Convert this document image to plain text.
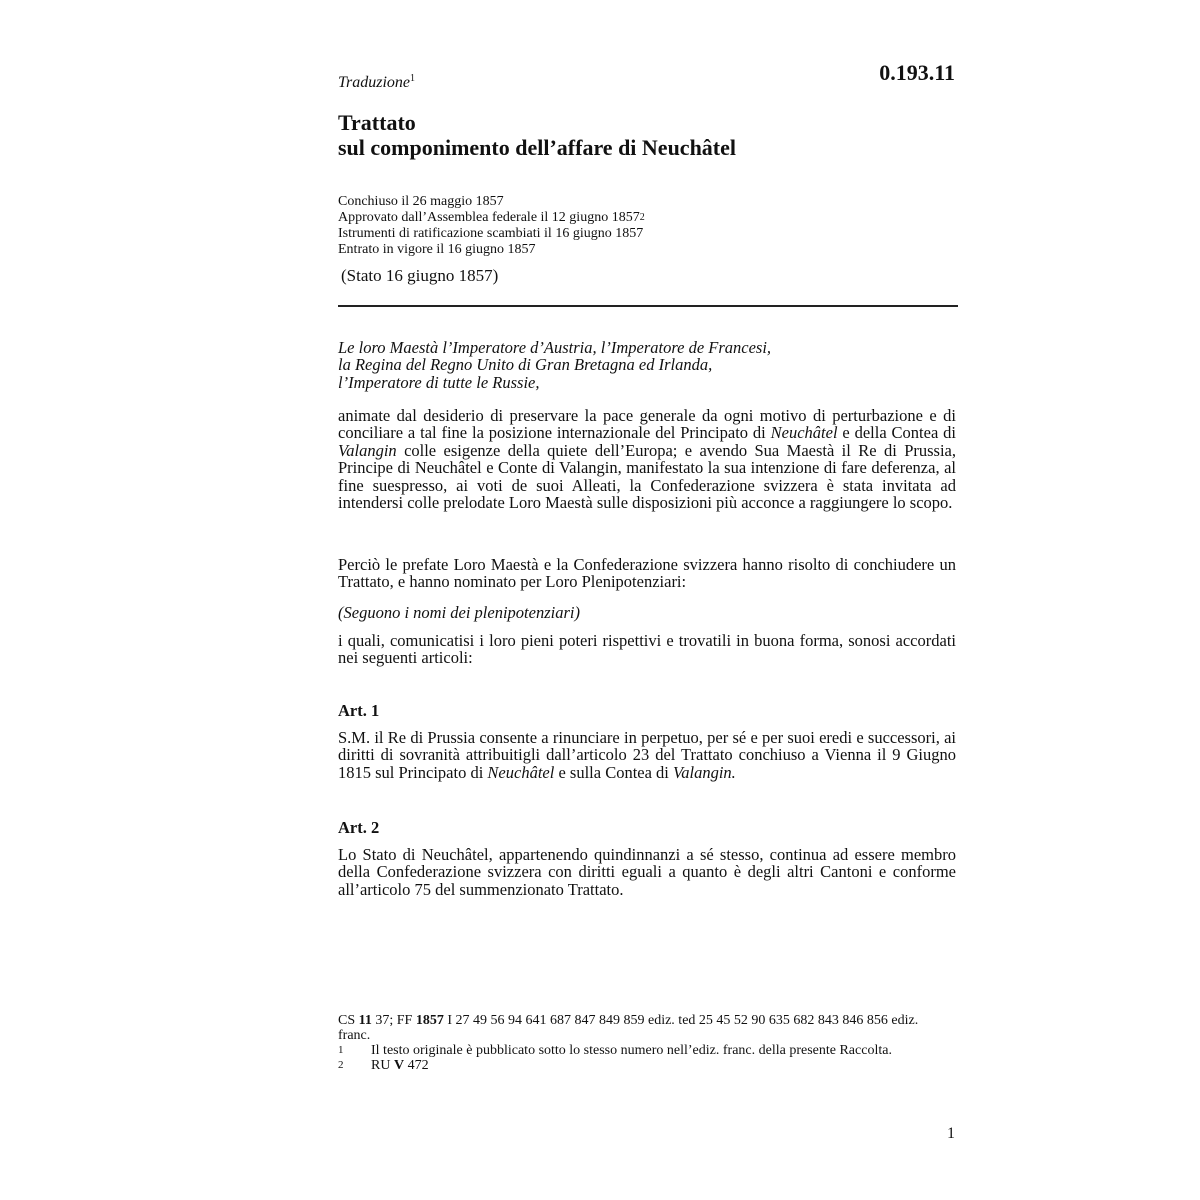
0.193.11
Traduzione$^1$
Trattato
sul componimento dell’affare di Neuchâtel
Conchiuso il 26 maggio 1857
Approvato dall’Assemblea federale il 12 giugno 1857$^2$
Istrumenti di ratificazione scambiati il 16 giugno 1857
Entrato in vigore il 16 giugno 1857
(Stato 16 giugno 1857)
Le loro Maestà l’Imperatore d’Austria, l’Imperatore de Francesi,
la Regina del Regno Unito di Gran Bretagna ed Irlanda,
l’Imperatore di tutte le Russie,

animate dal desiderio di preservare la pace generale da ogni motivo di perturbazione e di conciliare a tal fine la posizione internazionale del Principato di Neuchâtel e della Contea di Valangin colle esigenze della quiete dell’Europa; e avendo Sua Maestà il Re di Prussia, Principe di Neuchâtel e Conte di Valangin, manifestato la sua intenzione di fare deferenza, al fine suespresso, ai voti de suoi Alleati, la Confederazione svizzera è stata invitata ad intendersi colle prelodate Loro Maestà sulle disposizioni più acconce a raggiungere lo scopo.

Perciò le prefate Loro Maestà e la Confederazione svizzera hanno risolto di conchiudere un Trattato, e hanno nominato per Loro Plenipotenziari:
(Seguono i nomi dei plenipotenziari)
i quali, comunicatisi i loro pieni poteri rispettivi e trovatili in buona forma, sonosi accordati nei seguenti articoli:
Art. 1

S.M. il Re di Prussia consente a rinunciare in perpetuo, per sé e per suoi eredi e successori, ai diritti di sovranità attribuitigli dall’articolo 23 del Trattato conchiuso a Vienna il 9 Giugno 1815 sul Principato di Neuchâtel e sulla Contea di Valangin.

Art. 2
Lo Stato di Neuchâtel, appartenendo quindinnanzi a sé stesso, continua ad essere membro della Confederazione svizzera con diritti eguali a quanto è degli altri Cantoni e conforme all’articolo 75 del summenzionato Trattato.
CS 11 37; FF 1857 I 27 49 56 94 641 687 847 849 859 ediz. ted 25 45 52 90 635 682 843 846 856 ediz. franc.
1	Il testo originale è pubblicato sotto lo stesso numero nell’ediz. franc. della presente Raccolta.
2	RU V 472
1
